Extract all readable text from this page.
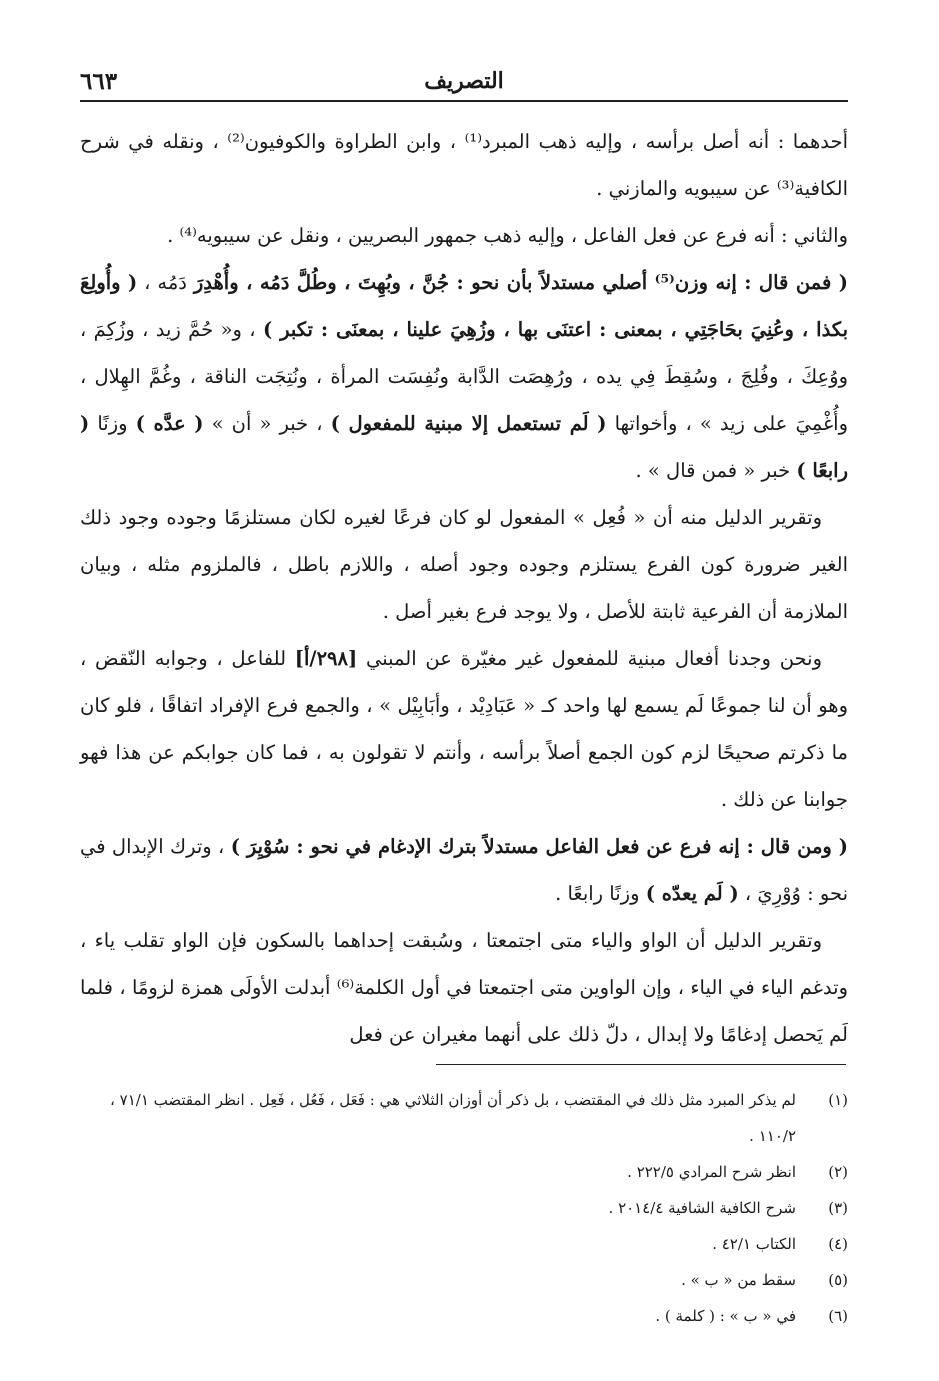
٦٦٣	التصريف

أحدهما : أنه أصل برأسه ، وإليه ذهب المبرد⁽¹⁾ ، وابن الطراوة والكوفيون⁽²⁾ ، ونقله في شرح الكافية⁽³⁾ عن سيبويه والمازني .

والثاني : أنه فرع عن فعل الفاعل ، وإليه ذهب جمهور البصريين ، ونقل عن سيبويه⁽⁴⁾ .

( فمن قال : إنه وزن⁽⁵⁾ أصلي مستدلاً بأن نحو : جُنَّ ، وبُهِتَ ، وطُلَّ دَمُه ، وأُهْدِرَ دَمُه ، ( وأُولِعَ بكذا ، وعُنِيَ بحَاجَتِي ، بمعنى : اعتنَى بها ، وزُهِيَ علينا ، بمعنَى : تكبر ) ، و« حُمَّ زيد ، وزُكِمَ ، ووُعِكَ ، وفُلِجَ ، وسُقِطَ فِي يده ، ورُهِصَت الدَّابة ونُفِسَت المرأة ، ونُتِجَت الناقة ، وغُمَّ الهِلال ، وأُغْمِيَ على زيد » ، وأخواتها ( لَم تستعمل إلا مبنية للمفعول ) ، خبر « أن » ( عدَّه ) وزنًا ( رابعًا ) خبر « فمن قال » .

وتقرير الدليل منه أن « فُعِل » المفعول لو كان فرعًا لغيره لكان مستلزمًا وجوده وجود ذلك الغير ضرورة كون الفرع يستلزم وجوده وجود أصله ، واللازم باطل ، فالملزوم مثله ، وبيان الملازمة أن الفرعية ثابتة للأصل ، ولا يوجد فرع بغير أصل .

ونحن وجدنا أفعال مبنية للمفعول غير مغيّرة عن المبني [٢٩٨/أ] للفاعل ، وجوابه النّقض ، وهو أن لنا جموعًا لَم يسمع لها واحد كـ « عَبَادِيْد ، وأبَابِيْل » ، والجمع فرع الإفراد اتفاقًا ، فلو كان ما ذكرتم صحيحًا لزم كون الجمع أصلاً برأسه ، وأنتم لا تقولون به ، فما كان جوابكم عن هذا فهو جوابنا عن ذلك .

( ومن قال : إنه فرع عن فعل الفاعل مستدلاً بترك الإدغام في نحو : سُوْيِرَ ) ، وترك الإبدال في نحو : وُوْرِيَ ، ( لَم يعدّه ) وزنًا رابعًا .

وتقرير الدليل أن الواو والياء متى اجتمعتا ، وسُبقت إحداهما بالسكون فإن الواو تقلب ياء ، وتدغم الياء في الياء ، وإن الواوين متى اجتمعتا في أول الكلمة⁽⁶⁾ أبدلت الأولَى همزة لزومًا ، فلما لَم يَحصل إدغامًا ولا إبدال ، دلّ ذلك على أنهما مغيران عن فعل

(١)
لم يذكر المبرد مثل ذلك في المقتضب ، بل ذكر أن أوزان الثلاثي هي : فَعَل ، فَعُل ، فَعِل . انظر المقتضب ٧١/١ ، ١١٠/٢ .
(٢)
انظر شرح المرادي ٢٢٢/٥ .
(٣)
شرح الكافية الشافية ٢٠١٤/٤ .
(٤)
الكتاب ٤٢/١ .
(٥)
سقط من « ب » .
(٦)
في « ب » : ( كلمة ) .
